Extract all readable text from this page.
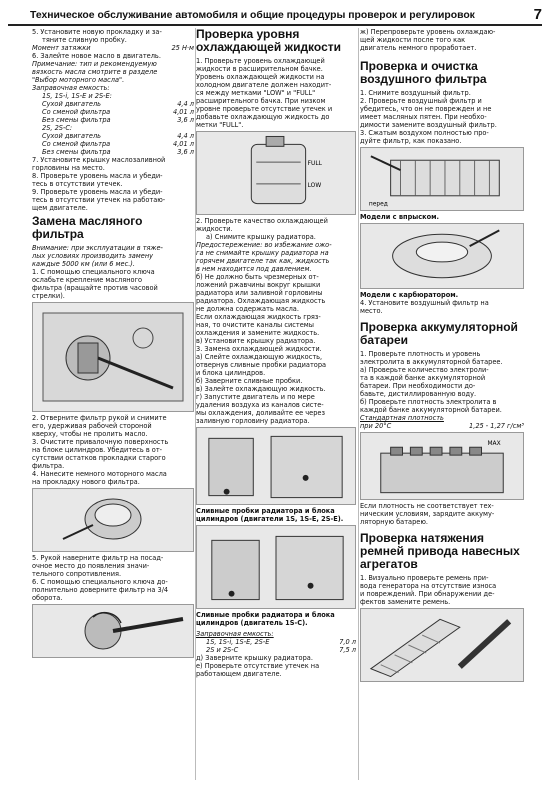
Техническое обслуживание автомобиля и общие процедуры проверок и регулировок	7

5. Установите новую прокладку и за-

тяните сливную пробку.

Момент затяжки	25 Н·м

6. Залейте новое масло в двигатель.

Примечание: тип и рекомендуемую

вязкость масла смотрите в разделе

"Выбор моторного масла".

Заправочная емкость:

1S, 1S-i, 1S-E и 2S-E:

Сухой двигатель	4,4 л
Со сменой фильтра	4,01 л
Без смены фильтра	3,6 л

2S, 2S-C:

Сухой двигатель	4,4 л
Со сменой фильтра	4,01 л
Без смены фильтра	3,6 л

7. Установите крышку маслозаливной

горловины на место.

8. Проверьте уровень масла и убеди-

тесь в отсутствии утечек.

9. Проверьте уровень масла и убеди-

тесь в отсутствии утечек на работаю-

щем двигателе.

Замена масляного фильтра

Внимание: при эксплуатации в тяже-

лых условиях производить замену

каждые 5000 км (или 6 мес.).

1. С помощью специального ключа

ослабьте крепление масляного

фильтра (вращайте против часовой

стрелки).

2. Отверните фильтр рукой и снимите

его, удерживая рабочей стороной

кверху, чтобы не пролить масло.

3. Очистите привалочную поверхность

на блоке цилиндров. Убедитесь в от-

сутствии остатков прокладки старого

фильтра.

4. Нанесите немного моторного масла

на прокладку нового фильтра.

5. Рукой наверните фильтр на посад-

очное место до появления значи-

тельного сопротивления.

6. С помощью специального ключа до-

полнительно доверните фильтр на 3/4

оборота.

Проверка уровня охлаждающей жидкости

1. Проверьте уровень охлаждающей

жидкости в расширительном бачке.

Уровень охлаждающей жидкости на

холодном двигателе должен находит-

ся между метками "LOW" и "FULL"

расширительного бачка. При низком

уровне проверьте отсутствие утечек и

добавьте охлаждающую жидкость до

метки "FULL".

FULL
LOW

2. Проверьте качество охлаждающей

жидкости.

а) Снимите крышку радиатора.

Предостережение: во избежание ожо-

га не снимайте крышку радиатора на

горячем двигателе так как, жидкость

в нем находится под давлением.

б) Не должно быть чрезмерных от-

ложений ржавчины вокруг крышки

радиатора или заливной горловины

радиатора. Охлаждающая жидкость

не должна содержать масла.

Если охлаждающая жидкость гряз-

ная, то очистите каналы системы

охлаждения и замените жидкость.

в) Установите крышку радиатора.

3. Замена охлаждающей жидкости.

а) Слейте охлаждающую жидкость,

отвернув сливные пробки радиатора

и блока цилиндров.

б) Заверните сливные пробки.

в) Залейте охлаждающую жидкость.

г) Запустите двигатель и по мере

удаления воздуха из каналов систе-

мы охлаждения, доливайте ее через

заливную горловину радиатора.

Сливные пробки радиатора и блока цилиндров (двигатели 1S, 1S-E, 2S-E).
Сливные пробки радиатора и блока цилиндров (двигатель 1S-C).

Заправочная емкость:

1S, 1S-i, 1S-E, 2S-E	7,0 л
2S и 2S-C	7,5 л

д) Заверните крышку радиатора.

е) Проверьте отсутствие утечек на

работающем двигателе.

ж) Перепроверьте уровень охлаждаю-

щей жидкости после того как

двигатель немного проработает.

Проверка и очистка воздушного фильтра

1. Снимите воздушный фильтр.

2. Проверьте воздушный фильтр и

убедитесь, что он не поврежден и не

имеет масляных пятен. При необхо-

димости замените воздушный фильтр.

3. Сжатым воздухом полностью про-

дуйте фильтр, как показано.

перед
Модели с впрыском.
Модели с карбюратором.

4. Установите воздушный фильтр на

место.

Проверка аккумуляторной батареи

1. Проверьте плотность и уровень

электролита в аккумуляторной батарее.

а) Проверьте количество электроли-

та в каждой банке аккумуляторной

батареи. При необходимости до-

бавьте, дистиллированную воду.

б) Проверьте плотность электролита в

каждой банке аккумуляторной батареи.

Стандартная плотность

при 20°С	1,25 - 1,27 г/см³
MAX

Если плотность не соответствует тех-

ническим условиям, зарядите аккуму-

ляторную батарею.

Проверка натяжения ремней привода навесных агрегатов

1. Визуально проверьте ремень при-

вода генератора на отсутствие износа

и повреждений. При обнаружении де-

фектов замените ремень.
